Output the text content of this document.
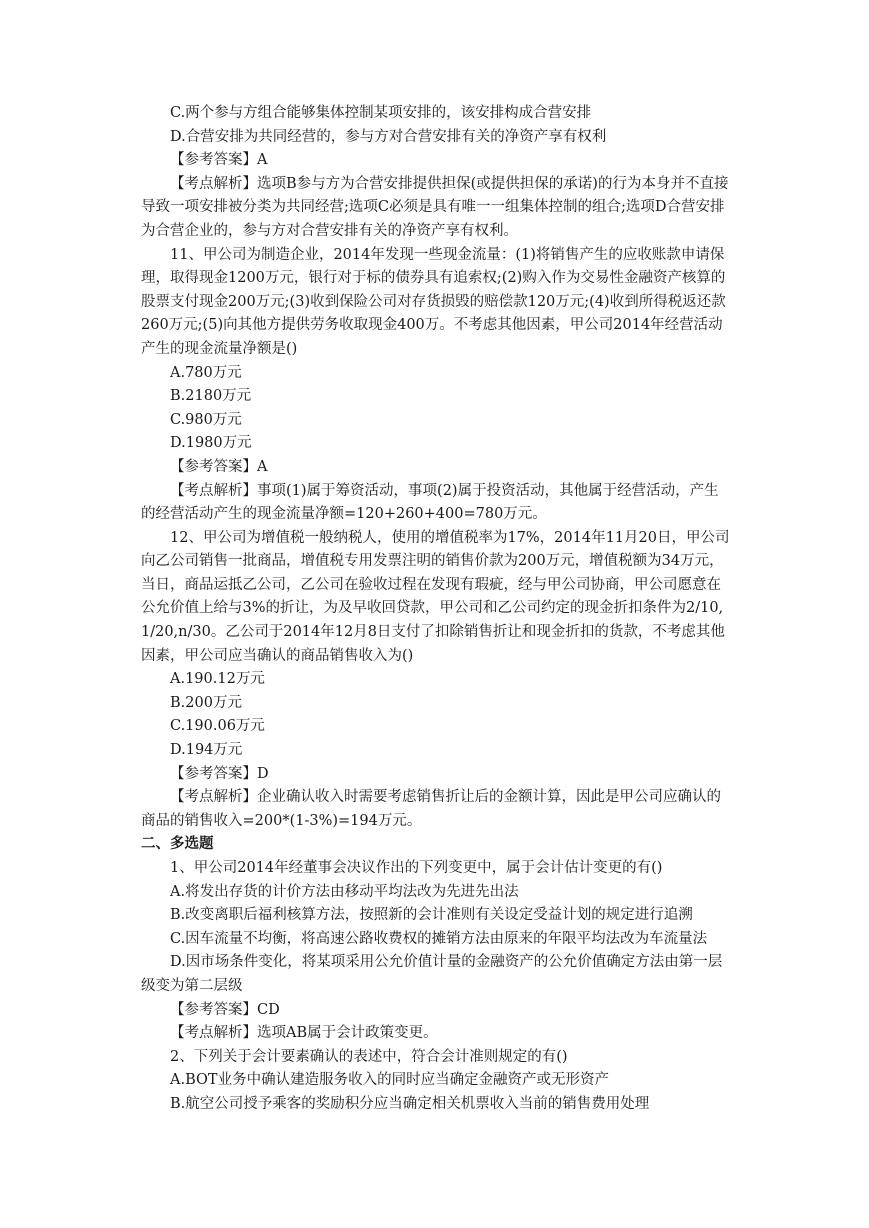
C.两个参与方组合能够集体控制某项安排的，该安排构成合营安排

D.合营安排为共同经营的，参与方对合营安排有关的净资产享有权利

【参考答案】A

【考点解析】选项B参与方为合营安排提供担保(或提供担保的承诺)的行为本身并不直接导致一项安排被分类为共同经营;选项C必须是具有唯一一组集体控制的组合;选项D合营安排为合营企业的，参与方对合营安排有关的净资产享有权利。

11、甲公司为制造企业，2014年发现一些现金流量：(1)将销售产生的应收账款申请保理，取得现金1200万元，银行对于标的债券具有追索权;(2)购入作为交易性金融资产核算的股票支付现金200万元;(3)收到保险公司对存货损毁的赔偿款120万元;(4)收到所得税返还款260万元;(5)向其他方提供劳务收取现金400万。不考虑其他因素，甲公司2014年经营活动产生的现金流量净额是()

A.780万元

B.2180万元

C.980万元

D.1980万元

【参考答案】A

【考点解析】事项(1)属于筹资活动，事项(2)属于投资活动，其他属于经营活动，产生的经营活动产生的现金流量净额=120+260+400=780万元。

12、甲公司为增值税一般纳税人，使用的增值税率为17%，2014年11月20日，甲公司向乙公司销售一批商品，增值税专用发票注明的销售价款为200万元，增值税额为34万元，当日，商品运抵乙公司，乙公司在验收过程在发现有瑕疵，经与甲公司协商，甲公司愿意在公允价值上给与3%的折让，为及早收回贷款，甲公司和乙公司约定的现金折扣条件为2/10,1/20,n/30。乙公司于2014年12月8日支付了扣除销售折让和现金折扣的货款，不考虑其他因素，甲公司应当确认的商品销售收入为()

A.190.12万元

B.200万元

C.190.06万元

D.194万元

【参考答案】D

【考点解析】企业确认收入时需要考虑销售折让后的金额计算，因此是甲公司应确认的商品的销售收入=200*(1-3%)=194万元。

二、多选题

1、甲公司2014年经董事会决议作出的下列变更中，属于会计估计变更的有()

A.将发出存货的计价方法由移动平均法改为先进先出法

B.改变离职后福利核算方法，按照新的会计准则有关设定受益计划的规定进行追溯

C.因车流量不均衡，将高速公路收费权的摊销方法由原来的年限平均法改为车流量法

D.因市场条件变化，将某项采用公允价值计量的金融资产的公允价值确定方法由第一层级变为第二层级

【参考答案】CD

【考点解析】选项AB属于会计政策变更。

2、下列关于会计要素确认的表述中，符合会计准则规定的有()

A.BOT业务中确认建造服务收入的同时应当确定金融资产或无形资产

B.航空公司授予乘客的奖励积分应当确定相关机票收入当前的销售费用处理
